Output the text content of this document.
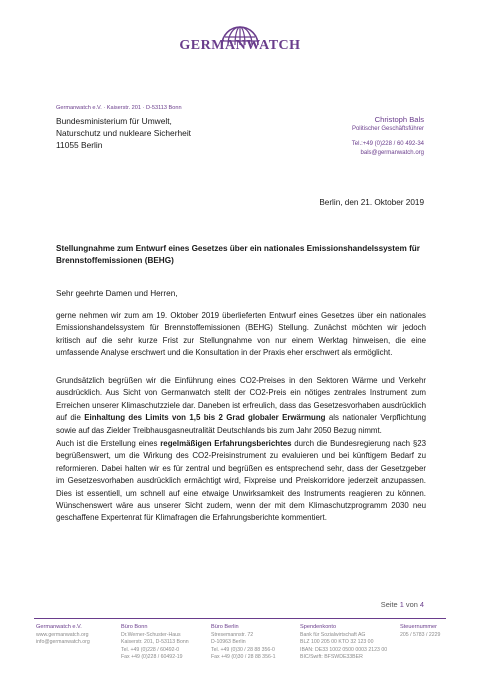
GERMANWATCH
Germanwatch e.V. · Kaiserstr. 201 · D-53113 Bonn
Bundesministerium für Umwelt,
Naturschutz und nukleare Sicherheit
11055 Berlin
Christoph Bals
Politischer Geschäftsführer
Tel.:+49 (0)228 / 60 492-34
bals@germanwatch.org
Berlin, den 21. Oktober 2019
Stellungnahme zum Entwurf eines Gesetzes über ein nationales Emissionshandelssystem für Brennstoffemissionen (BEHG)
Sehr geehrte Damen und Herren,
gerne nehmen wir zum am 19. Oktober 2019 überlieferten Entwurf eines Gesetzes über ein nationales Emissionshandelssystem für Brennstoffemissionen (BEHG) Stellung. Zunächst möchten wir jedoch kritisch auf die sehr kurze Frist zur Stellungnahme von nur einem Werktag hinweisen, die eine umfassende Analyse erschwert und die Konsultation in der Praxis eher erschwert als ermöglicht.
Grundsätzlich begrüßen wir die Einführung eines CO2-Preises in den Sektoren Wärme und Verkehr ausdrücklich. Aus Sicht von Germanwatch stellt der CO2-Preis ein nötiges zentrales Instrument zum Erreichen unserer Klimaschutzziele dar. Daneben ist erfreulich, dass das Gesetzesvorhaben ausdrücklich auf die Einhaltung des Limits von 1,5 bis 2 Grad globaler Erwärmung als nationaler Verpflichtung sowie auf das Zielder Treibhausgasneutralität Deutschlands bis zum Jahr 2050 Bezug nimmt.
Auch ist die Erstellung eines regelmäßigen Erfahrungsberichtes durch die Bundesregierung nach §23 begrüßenswert, um die Wirkung des CO2-Preisinstrument zu evaluieren und bei künftigem Bedarf zu reformieren. Dabei halten wir es für zentral und begrüßen es entsprechend sehr, dass der Gesetzgeber im Gesetzesvorhaben ausdrücklich ermächtigt wird, Fixpreise und Preiskorridore jederzeit anzupassen. Dies ist essentiell, um schnell auf eine etwaige Unwirksamkeit des Instruments reagieren zu können. Wünschenswert wäre aus unserer Sicht zudem, wenn der mit dem Klimaschutzprogramm 2030 neu geschaffene Expertenrat für Klimafragen die Erfahrungsberichte kommentiert.
Seite 1 von 4
Germanwatch e.V.
www.germanwatch.org
info@germanwatch.org
Büro Bonn
Dr.Werner-Schuster-Haus
Kaiserstr. 201, D-53113 Bonn
Tel. +49 (0)228 / 60492-0
Fax +49 (0)228 / 60492-19
Büro Berlin
Stresemannstr. 72
D-10963 Berlin
Tel. +49 (0)30 / 28 88 356-0
Fax +49 (0)30 / 28 88 356-1
Spendenkonto
Bank für Sozialwirtschaft AG
BLZ 100 205 00 KTO 32 123 00
IBAN: DE33 1002 0500 0003 2123 00
BIC/Swift: BFSWDE33BER
Steuernummer
205 / 5783 / 2229
